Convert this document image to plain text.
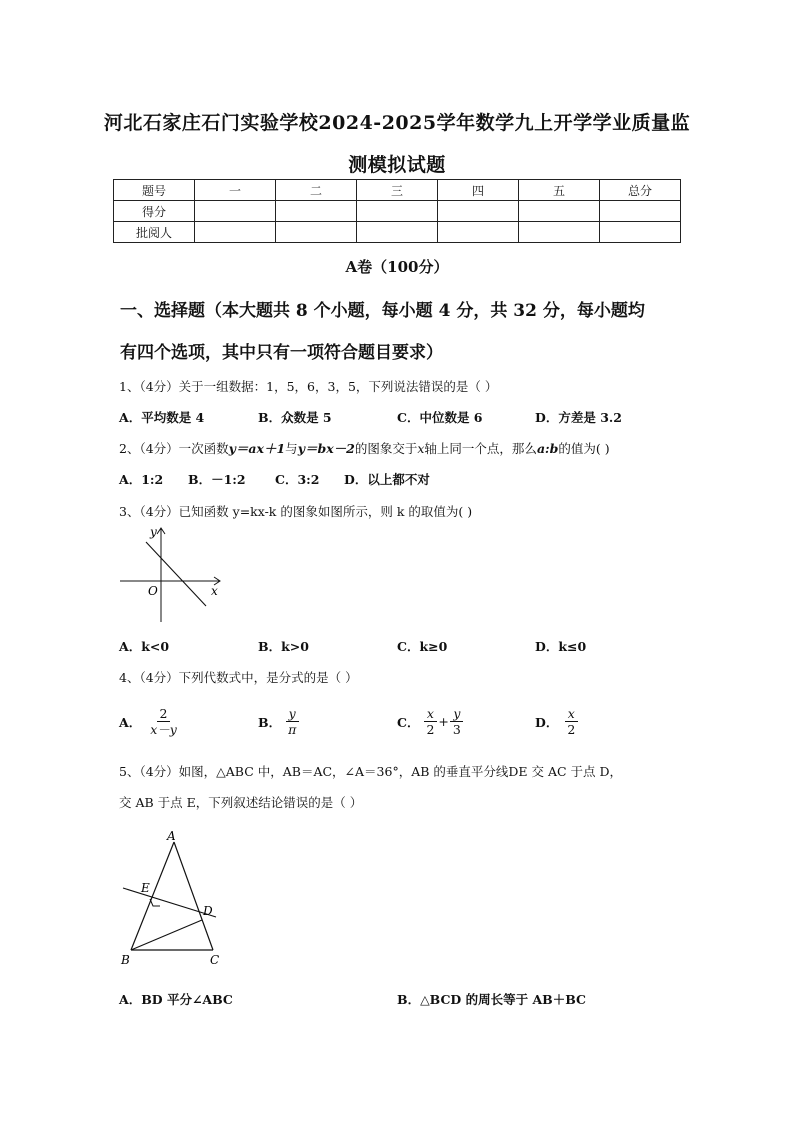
河北石家庄石门实验学校2024-2025学年数学九上开学学业质量监
测模拟试题
题号	一	二	三	四	五	总分
得分						
批阅人						
A卷（100分）
一、选择题（本大题共 8 个小题，每小题 4 分，共 32 分，每小题均
有四个选项，其中只有一项符合题目要求）
1、（4分）关于一组数据：1，5，6，3，5，下列说法错误的是（ ）
A．平均数是 4	B．众数是 5	C．中位数是 6	D．方差是 3.2
2、（4分）一次函数y＝ax＋1与y＝bx－2的图象交于x轴上同一个点，那么a:b的值为( )
A．1:2 B．－1:2 C．3:2 D．以上都不对
3、（4分）已知函数 y=kx-k 的图象如图所示，则 k 的取值为( )
y
x
O
A．k<0	B．k>0	C．k≥0	D．k≤0
4、（4分）下列代数式中，是分式的是（ ）
A． $\frac{2}{x-y}$	B． $\frac{y}{\pi}$	C． $\frac{x}{2} + \frac{y}{3}$	D． $\frac{x}{2}$
5、（4分）如图，△ABC 中，AB＝AC，∠A＝36°，AB 的垂直平分线DE 交 AC 于点 D，
交 AB 于点 E，下列叙述结论错误的是（ ）
A
B	C
D
E
A．BD 平分∠ABC	B．△BCD 的周长等于 AB＋BC
